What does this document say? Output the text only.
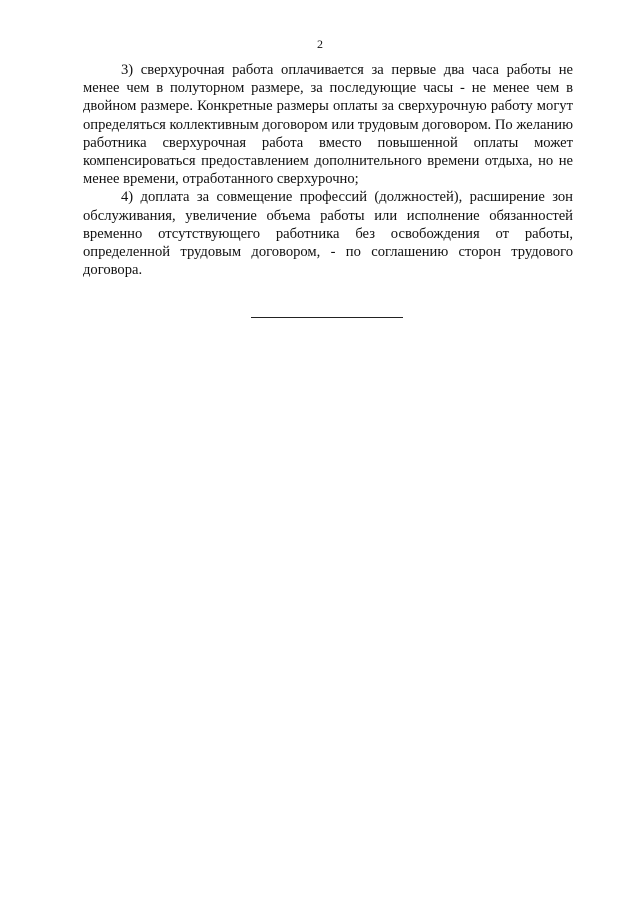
2

3) сверхурочная работа оплачивается за первые два часа работы не менее чем в полуторном размере, за последующие часы - не менее чем в двойном размере. Конкретные размеры оплаты за сверхурочную работу могут определяться коллективным договором или трудовым договором. По желанию работника сверхурочная работа вместо повышенной оплаты может компенсироваться предоставлением дополнительного времени отдыха, но не менее времени, отработанного сверхурочно;

4) доплата за совмещение профессий (должностей), расширение зон обслуживания, увеличение объема работы или исполнение обязанностей временно отсутствующего работника без освобождения от работы, определенной трудовым договором, - по соглашению сторон трудового договора.
